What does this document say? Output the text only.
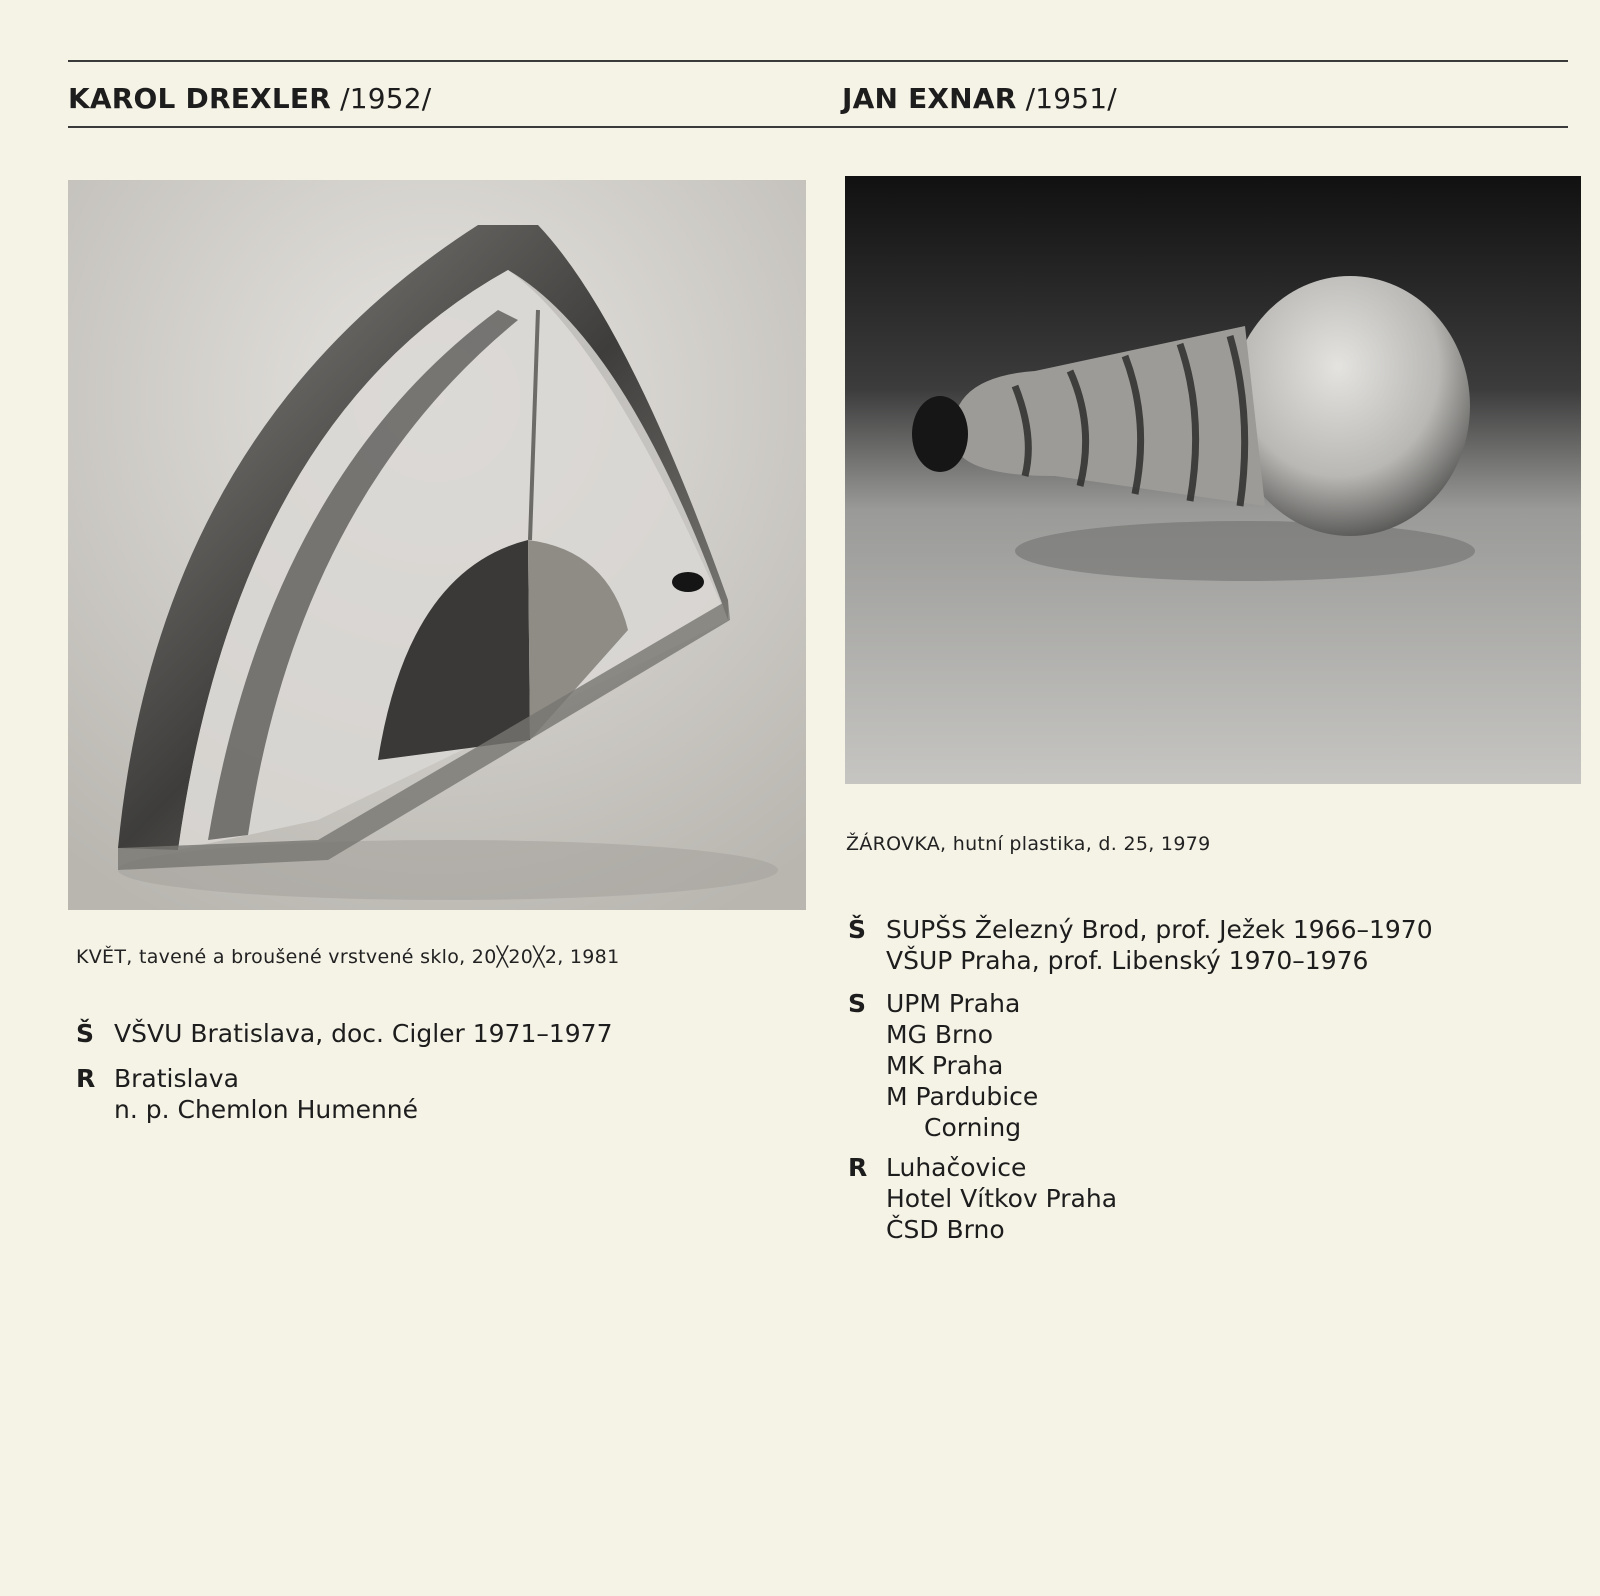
KAROL DREXLER /1952/	JAN EXNAR /1951/
KVĚT, tavené a broušené vrstvené sklo, 20╳20╳2, 1981
ŽÁROVKA, hutní plastika, d. 25, 1979
Š VŠVU Bratislava, doc. Cigler 1971–1977
R Bratislava
n. p. Chemlon Humenné
Š SUPŠS Železný Brod, prof. Ježek 1966–1970
VŠUP Praha, prof. Libenský 1970–1976
S UPM Praha
MG Brno
MK Praha
M Pardubice
Corning
R Luhačovice
Hotel Vítkov Praha
ČSD Brno
